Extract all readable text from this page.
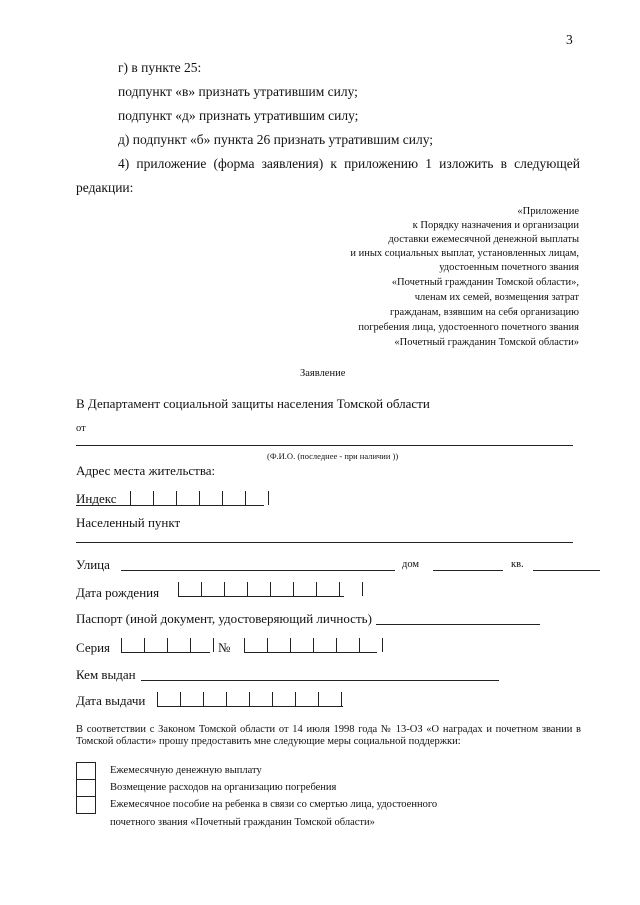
3
г) в пункте 25:
подпункт «в» признать утратившим силу;
подпункт «д» признать утратившим силу;
д) подпункт «б» пункта 26 признать утратившим силу;
4) приложение (форма заявления) к приложению 1 изложить в следующей
редакции:
«Приложение
к Порядку назначения и организации
доставки ежемесячной денежной выплаты
и иных социальных выплат, установленных лицам,
удостоенным почетного звания
«Почетный гражданин Томской области»,
членам их семей, возмещения затрат
гражданам, взявшим на себя организацию
погребения лица, удостоенного почетного звания
«Почетный гражданин Томской области»
Заявление
В Департамент социальной защиты населения Томской области
от
(Ф.И.О. (последнее - при наличии ))
Адрес места жительства:
Индекс
Населенный пункт
Улица	дом	кв.
Дата рождения
Паспорт (иной документ, удостоверяющий личность)
Серия	№
Кем выдан
Дата выдачи
В соответствии с Законом Томской области от 14 июля 1998 года № 13-ОЗ «О наградах и почетном звании в Томской области» прошу предоставить мне следующие меры социальной поддержки:
Ежемесячную денежную выплату
Возмещение расходов на организацию погребения
Ежемесячное пособие на ребенка в связи со смертью лица, удостоенного
почетного звания «Почетный гражданин Томской области»
